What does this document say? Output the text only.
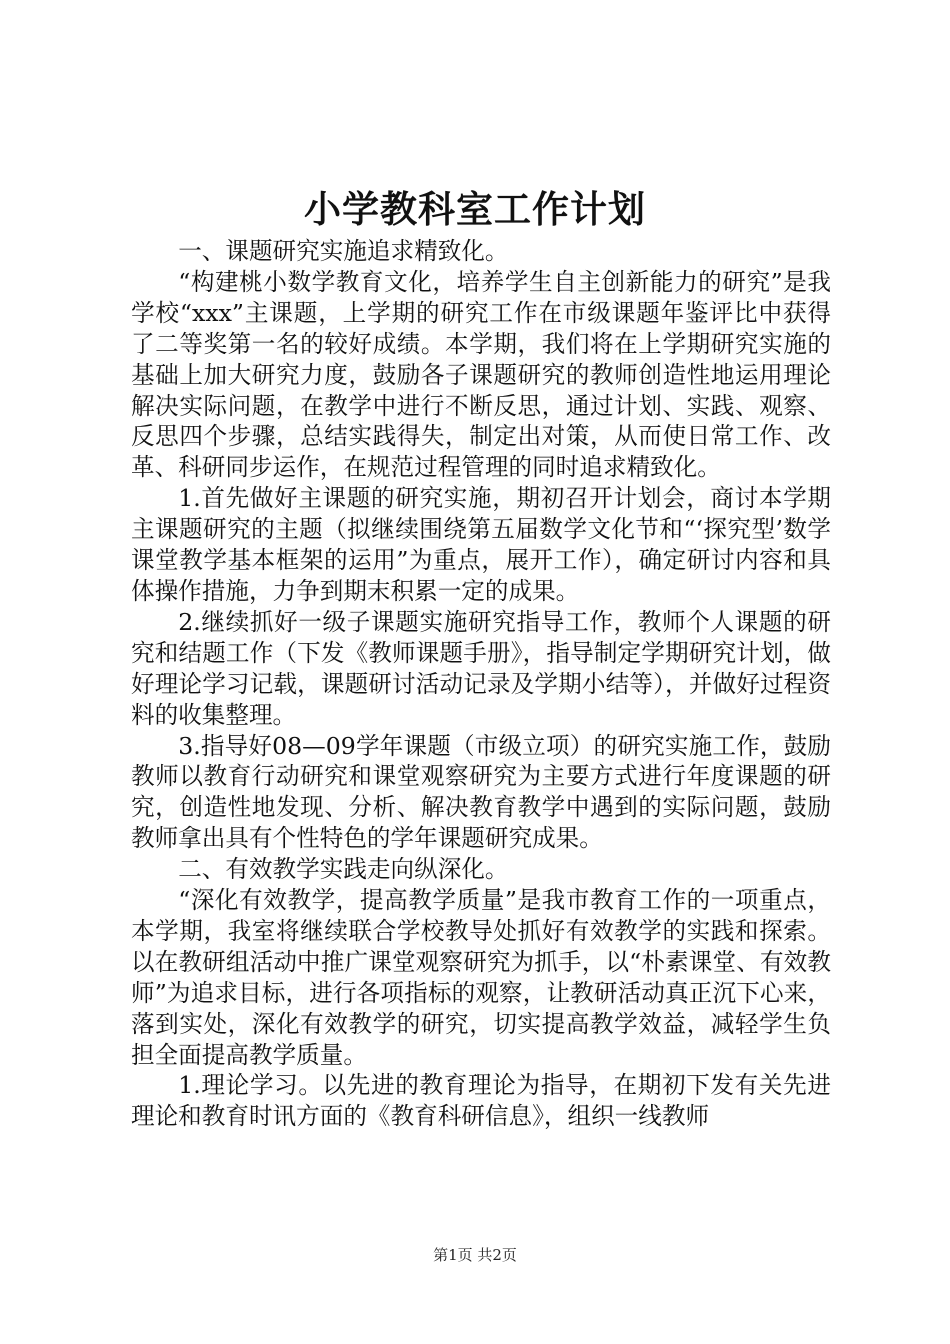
小学教科室工作计划

一、课题研究实施追求精致化。

“构建桃小数学教育文化，培养学生自主创新能力的研究”是我学校“xxx”主课题，上学期的研究工作在市级课题年鉴评比中获得了二等奖第一名的较好成绩。本学期，我们将在上学期研究实施的基础上加大研究力度，鼓励各子课题研究的教师创造性地运用理论解决实际问题，在教学中进行不断反思，通过计划、实践、观察、反思四个步骤，总结实践得失，制定出对策，从而使日常工作、改革、科研同步运作，在规范过程管理的同时追求精致化。

1.首先做好主课题的研究实施，期初召开计划会，商讨本学期主课题研究的主题（拟继续围绕第五届数学文化节和“‘探究型’数学课堂教学基本框架的运用”为重点，展开工作），确定研讨内容和具体操作措施，力争到期末积累一定的成果。

2.继续抓好一级子课题实施研究指导工作，教师个人课题的研究和结题工作（下发《教师课题手册》，指导制定学期研究计划，做好理论学习记载，课题研讨活动记录及学期小结等），并做好过程资料的收集整理。

3.指导好08—09学年课题（市级立项）的研究实施工作，鼓励教师以教育行动研究和课堂观察研究为主要方式进行年度课题的研究，创造性地发现、分析、解决教育教学中遇到的实际问题，鼓励教师拿出具有个性特色的学年课题研究成果。

二、有效教学实践走向纵深化。

“深化有效教学，提高教学质量”是我市教育工作的一项重点，本学期，我室将继续联合学校教导处抓好有效教学的实践和探索。以在教研组活动中推广课堂观察研究为抓手，以“朴素课堂、有效教师”为追求目标，进行各项指标的观察，让教研活动真正沉下心来，落到实处，深化有效教学的研究，切实提高教学效益，减轻学生负担全面提高教学质量。

1.理论学习。以先进的教育理论为指导，在期初下发有关先进理论和教育时讯方面的《教育科研信息》，组织一线教师

第1页 共2页
